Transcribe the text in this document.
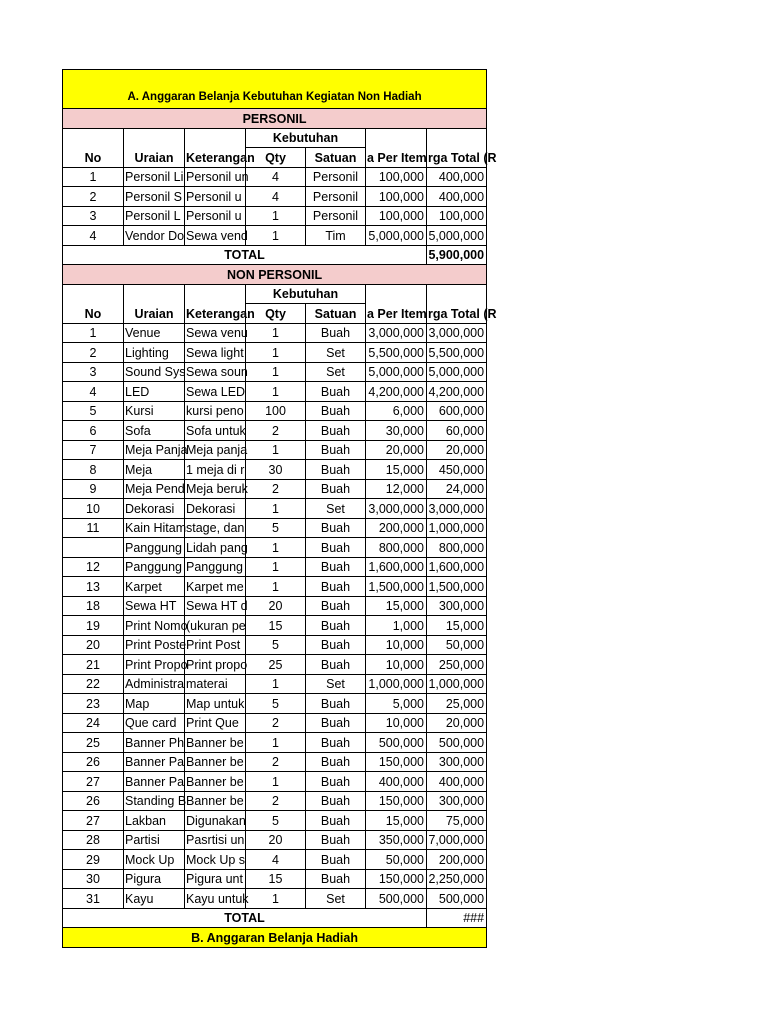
A. Anggaran Belanja Kebutuhan Kegiatan Non Hadiah						
PERSONIL						
No	Uraian	Keterangan	Kebutuhan		a Per Item	rga Total (R
			Qty	Satuan		
1	Personil Li	Personil un	4	Personil	100,000	400,000
2	Personil S	Personil u	4	Personil	100,000	400,000
3	Personil L	Personil u	1	Personil	100,000	100,000
4	Vendor Do	Sewa vend	1	Tim	5,000,000	5,000,000
TOTAL						5,900,000
NON PERSONIL						
No	Uraian	Keterangan	Kebutuhan		a Per Item	rga Total (R
			Qty	Satuan		
1	Venue	Sewa venu	1	Buah	3,000,000	3,000,000
2	Lighting	Sewa light	1	Set	5,500,000	5,500,000
3	Sound Sys	Sewa soun	1	Set	5,000,000	5,000,000
4	LED	Sewa LED	1	Buah	4,200,000	4,200,000
5	Kursi	kursi peno	100	Buah	6,000	600,000
6	Sofa	Sofa untuk	2	Buah	30,000	60,000
7	Meja Panja	Meja panja	1	Buah	20,000	20,000
8	Meja	1 meja di r	30	Buah	15,000	450,000
9	Meja Pend	Meja beruk	2	Buah	12,000	24,000
10	Dekorasi	Dekorasi	1	Set	3,000,000	3,000,000
11	Kain Hitam	stage, dan	5	Buah	200,000	1,000,000
	Panggung	Lidah pang	1	Buah	800,000	800,000
12	Panggung	Panggung	1	Buah	1,600,000	1,600,000
13	Karpet	Karpet me	1	Buah	1,500,000	1,500,000
18	Sewa HT	Sewa HT d	20	Buah	15,000	300,000
19	Print Nomo	(ukuran pe	15	Buah	1,000	15,000
20	Print Poste	Print Post	5	Buah	10,000	50,000
21	Print Propo	Print propo	25	Buah	10,000	250,000
22	Administra	materai	1	Set	1,000,000	1,000,000
23	Map	Map untuk	5	Buah	5,000	25,000
24	Que card	Print Que	2	Buah	10,000	20,000
25	Banner Ph	Banner be	1	Buah	500,000	500,000
26	Banner Pa	Banner be	2	Buah	150,000	300,000
27	Banner Pa	Banner be	1	Buah	400,000	400,000
26	Standing B	Banner be	2	Buah	150,000	300,000
27	Lakban	Digunakan	5	Buah	15,000	75,000
28	Partisi	Pasrtisi un	20	Buah	350,000	7,000,000
29	Mock Up	Mock Up s	4	Buah	50,000	200,000
30	Pigura	Pigura unt	15	Buah	150,000	2,250,000
31	Kayu	Kayu untuk	1	Set	500,000	500,000
TOTAL						###
B. Anggaran Belanja Hadiah						
